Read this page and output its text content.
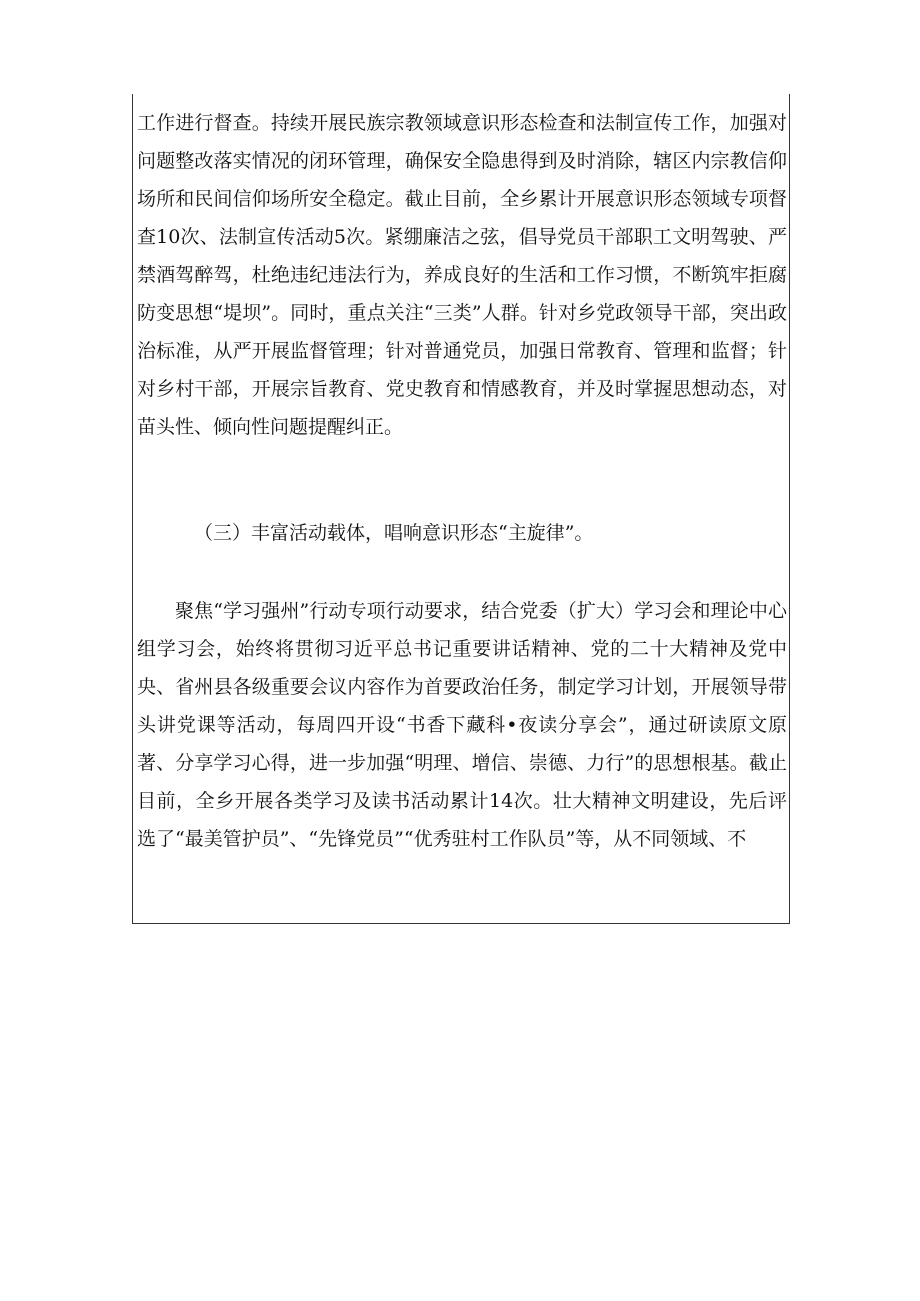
工作进行督查。持续开展民族宗教领域意识形态检查和法制宣传工作，加强对问题整改落实情况的闭环管理，确保安全隐患得到及时消除，辖区内宗教信仰场所和民间信仰场所安全稳定。截止目前，全乡累计开展意识形态领域专项督查10次、法制宣传活动5次。紧绷廉洁之弦，倡导党员干部职工文明驾驶、严禁酒驾醉驾，杜绝违纪违法行为，养成良好的生活和工作习惯，不断筑牢拒腐防变思想“堤坝”。同时，重点关注“三类”人群。针对乡党政领导干部，突出政治标准，从严开展监督管理；针对普通党员，加强日常教育、管理和监督；针对乡村干部，开展宗旨教育、党史教育和情感教育，并及时掌握思想动态，对苗头性、倾向性问题提醒纠正。

（三）丰富活动载体，唱响意识形态“主旋律”。

聚焦“学习强州”行动专项行动要求，结合党委（扩大）学习会和理论中心组学习会，始终将贯彻习近平总书记重要讲话精神、党的二十大精神及党中央、省州县各级重要会议内容作为首要政治任务，制定学习计划，开展领导带头讲党课等活动，每周四开设“书香下藏科•夜读分享会”，通过研读原文原著、分享学习心得，进一步加强“明理、增信、崇德、力行”的思想根基。截止目前，全乡开展各类学习及读书活动累计14次。壮大精神文明建设，先后评选了“最美管护员”、“先锋党员”“优秀驻村工作队员”等，从不同领域、不
